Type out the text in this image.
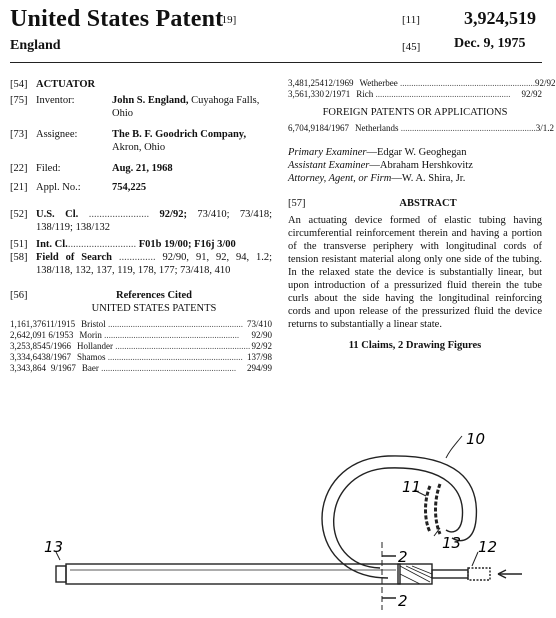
United States Patent
[19]
England
[11] 3,924,519
[45] Dec. 9, 1975
[54] ACTUATOR
[75] Inventor:	John S. England, Cuyahoga Falls, Ohio
[73] Assignee:	The B. F. Goodrich Company,
Akron, Ohio
[22] Filed:	Aug. 21, 1968
[21] Appl. No.:	754,225
[52] U.S. Cl. ....................... 92/92; 73/410; 73/418; 138/119; 138/132
[51] Int. Cl........................... F01b 19/00; F16j 3/00
[58] Field of Search .............. 92/90, 91, 92, 94, 1.2; 138/118, 132, 137, 119, 178, 177; 73/418, 410
[56]	References Cited
UNITED STATES PATENTS
1,161,376 11/1915 Bristol ............................................................ 73/410
2,642,091 6/1953 Morin ............................................................	92/90
3,253,854 5/1966 Hollander ............................................................ 92/92
3,334,643 8/1967 Shamos ............................................................ 137/98
3,343,864 9/1967 Baer ............................................................	294/99
3,481,254 12/1969 Wetherbee ............................................................ 92/92
3,561,330 2/1971 Rich ............................................................	92/92
FOREIGN PATENTS OR APPLICATIONS
6,704,918 4/1967 Netherlands ............................................................ 3/1.2
Primary Examiner—Edgar W. Geoghegan
Assistant Examiner—Abraham Hershkovitz
Attorney, Agent, or Firm—W. A. Shira, Jr.
[57]	ABSTRACT
An actuating device formed of elastic tubing having circumferential reinforcement therein and having a portion of the transverse periphery with longitudinal cords of tension resistant material along only one side of the tubing. In the relaxed state the device is substantially linear, but upon introduction of a pressurized fluid therein the tube curls about the side having the longitudinal reinforcing cords and upon release of the pressurized fluid the device returns to substantially a linear state.
11 Claims, 2 Drawing Figures
10
11
13
13
2
2
12
